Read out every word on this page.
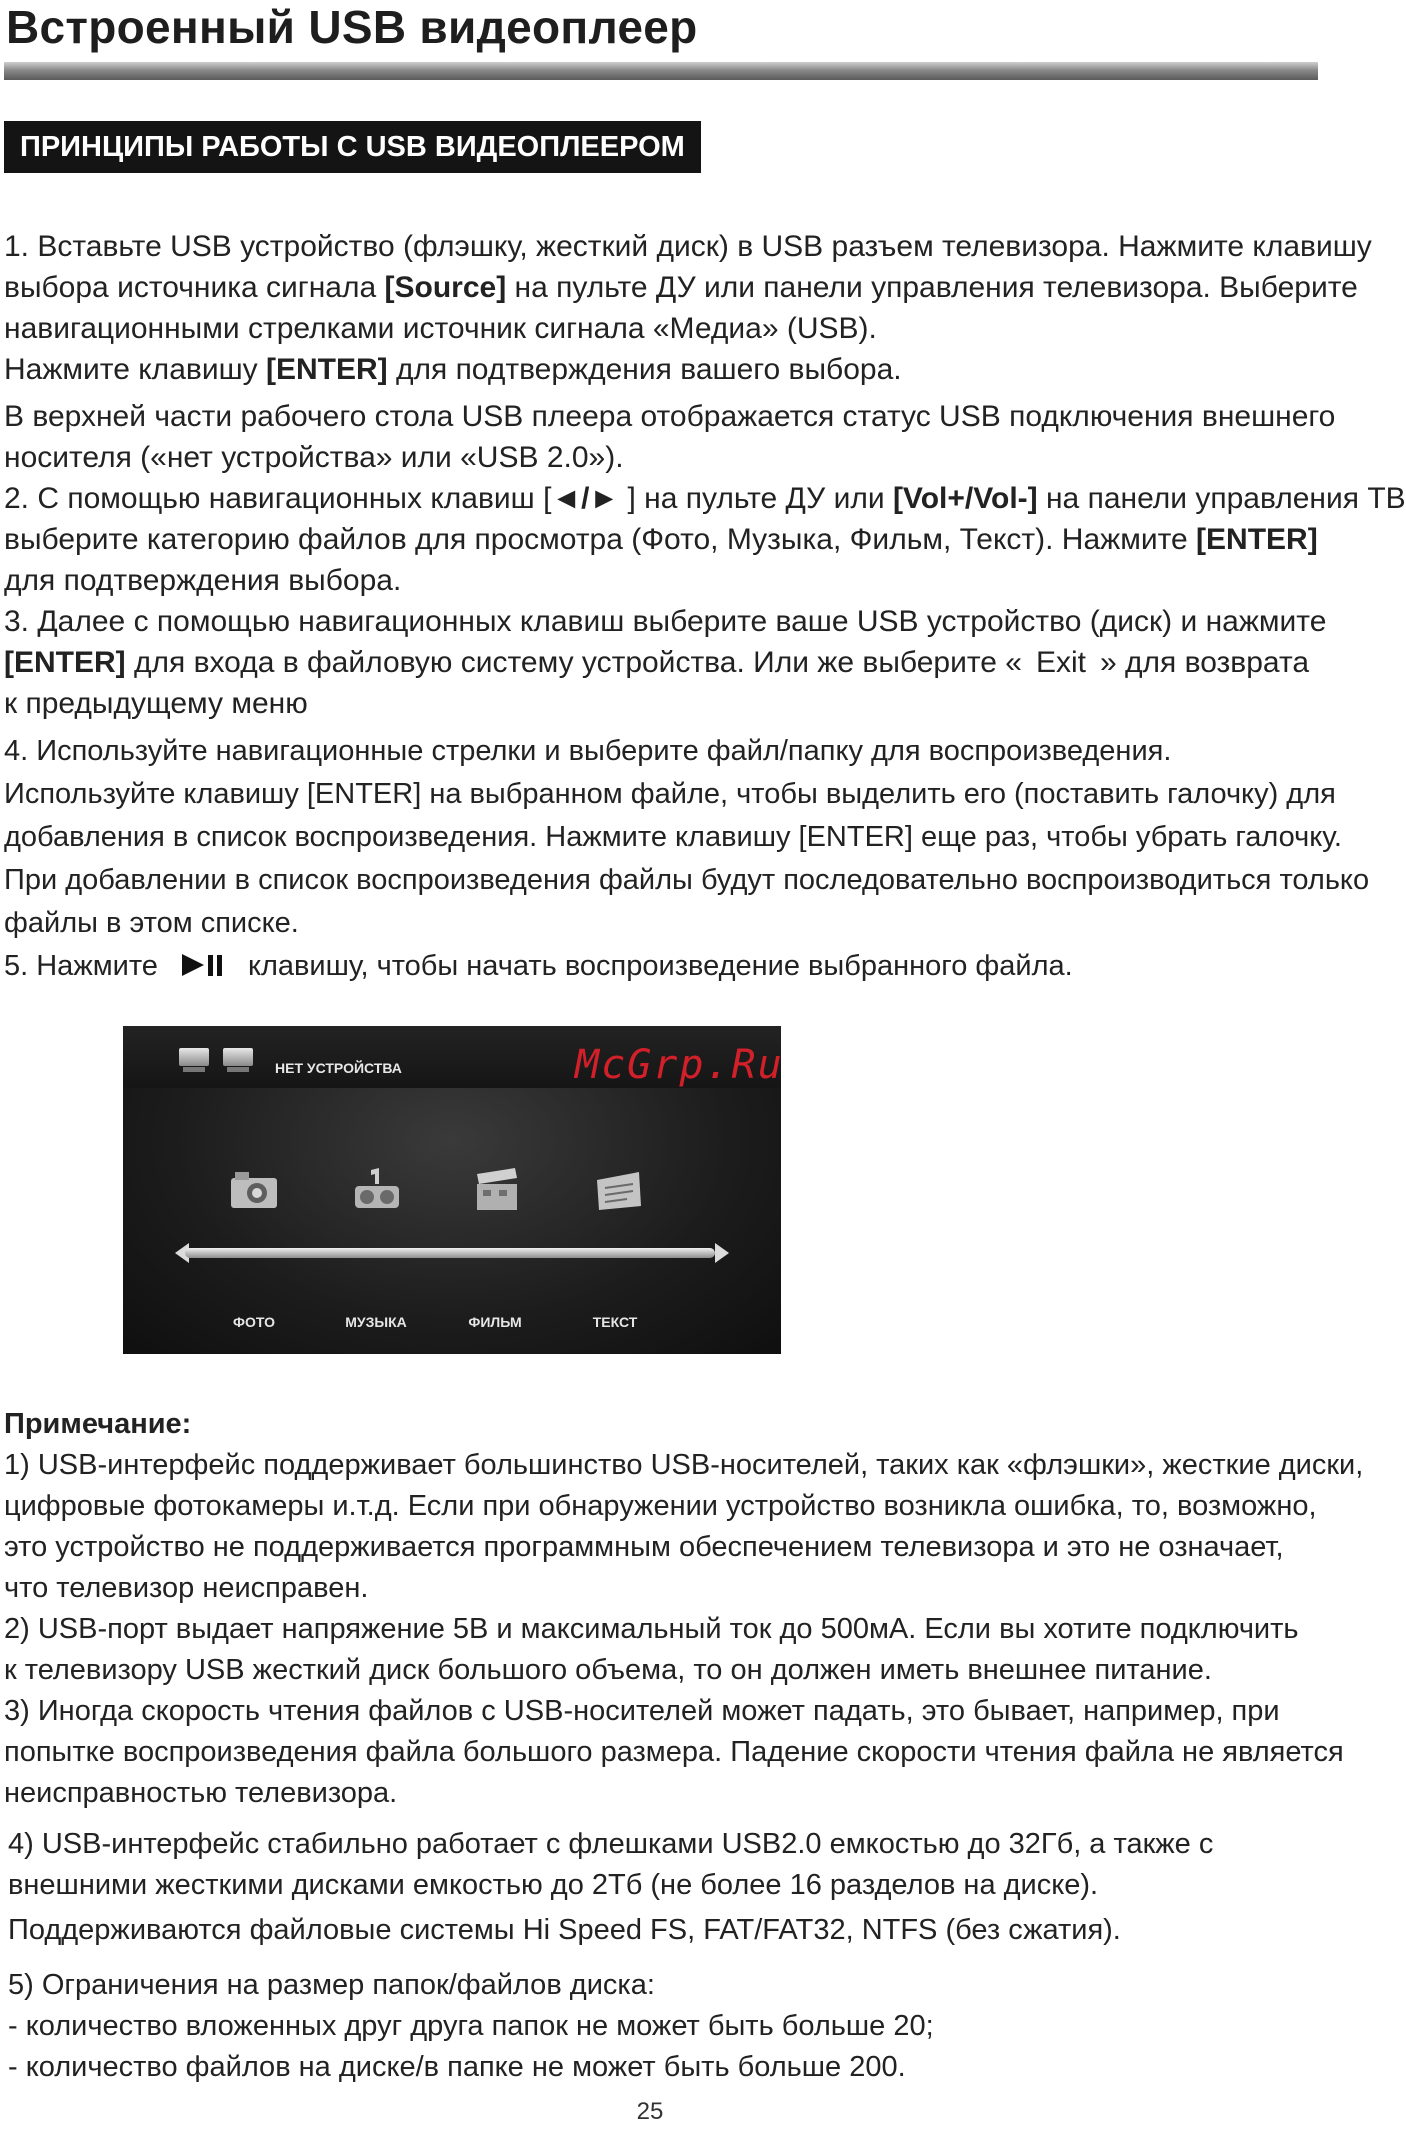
Встроенный USB видеоплеер
ПРИНЦИПЫ РАБОТЫ С USB ВИДЕОПЛЕЕРОМ

1. Вставьте USB устройство (флэшку, жесткий диск) в USB разъем телевизора. Нажмите клавишу

выбора источника сигнала [Source] на пульте ДУ или панели управления телевизора. Выберите

навигационными стрелками источник сигнала «Медиа» (USB).

Нажмите клавишу [ENTER] для подтверждения вашего выбора.

В верхней части рабочего стола USB плеера отображается статус USB подключения внешнего

носителя («нет устройства» или «USB 2.0»).

2. С помощью навигационных клавиш [◄/► ] на пульте ДУ или [Vol+/Vol-] на панели управления ТВ

выберите категорию файлов для просмотра (Фото, Музыка, Фильм, Текст). Нажмите [ENTER]

для подтверждения выбора.

3. Далее с помощью навигационных клавиш выберите ваше USB устройство (диск) и нажмите

[ENTER] для входа в файловую систему устройства. Или же выберите « Exit » для возврата

к предыдущему меню

4. Используйте навигационные стрелки и выберите файл/папку для воспроизведения.

Используйте клавишу [ENTER] на выбранном файле, чтобы выделить его (поставить галочку) для

добавления в список воспроизведения. Нажмите клавишу [ENTER] еще раз, чтобы убрать галочку.

При добавлении в список воспроизведения файлы будут последовательно воспроизводиться только

файлы в этом списке.

5. Нажмите	клавишу, чтобы начать воспроизведение выбранного файла.

НЕТ УСТРОЙСТВА	McGrp.Ru
ФОТО	МУЗЫКА	ФИЛЬМ	ТЕКСТ

Примечание:

1) USB-интерфейс поддерживает большинство USB-носителей, таких как «флэшки», жесткие диски,

цифровые фотокамеры и.т.д. Если при обнаружении устройство возникла ошибка, то, возможно,

это устройство не поддерживается программным обеспечением телевизора и это не означает,

что телевизор неисправен.

2) USB-порт выдает напряжение 5В и максимальный ток до 500мА. Если вы хотите подключить

к телевизору USB жесткий диск большого объема, то он должен иметь внешнее питание.

3) Иногда скорость чтения файлов с USB-носителей может падать, это бывает, например, при

попытке воспроизведения файла большого размера. Падение скорости чтения файла не является

неисправностью телевизора.

4) USB-интерфейс стабильно работает с флешками USB2.0 емкостью до 32Гб, а также с

внешними жесткими дисками емкостью до 2Тб (не более 16 разделов на диске).

Поддерживаются файловые системы Hi Speed FS, FAT/FAT32, NTFS (без сжатия).

5) Ограничения на размер папок/файлов диска:

- количество вложенных друг друга папок не может быть больше 20;

- количество файлов на диске/в папке не может быть больше 200.

25
